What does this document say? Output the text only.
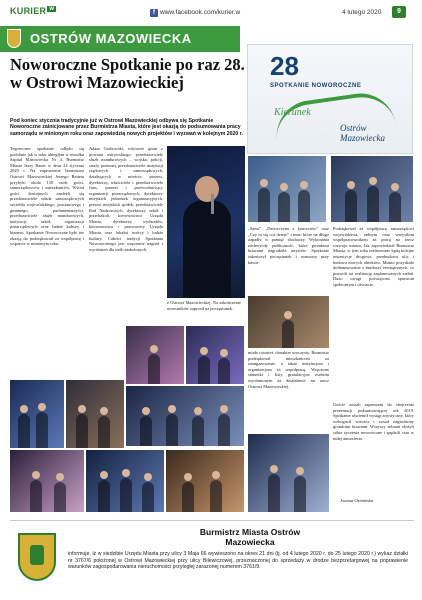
KURIER w
f www.facebook.com/kurier.w	4 lutego 2020	9
OSTRÓW MAZOWIECKA
Noworoczne Spotkanie po raz 28. w Ostrowi Mazowieckiej
28
SPOTKANIE NOWOROCZNE
Kierunek
Ostrów Mazowiecka

Pod koniec stycznia tradycyjnie już w Ostrowi Mazowieckiej odbywa się Spotkanie Noworoczne zainicjowane przez Burmistrza Miasta, które jest okazją do podsumowania pracy samorządu w minionym roku oraz zapowiedzią nowych projektów i wyzwań w kolejnym 2020 r.

Tegoroczne spotkanie odbyło się podobnie jak w roku ubiegłym w ośrodku Szpital Mazowiecka Nr 4. Burmistrz Miasta Jerzy Bauer w dniu 24 stycznia 2020 r. Na zaproszenie burmistrza Ostrowi Mazowieckiej Jerzego Bauera przybyło około 150 osób: gości, samorządowców i mieszkańców. Wśród gości dostojnych znaleźli się przedstawiciele władz samorządowych szczebla wojewódzkiego, powiatowego i gminnego, parlamentarzyści, przedstawiciele służb mundurowych, instytucji, szkół, organizacji pozarządowych oraz ludzie kultury i biznesu. Spotkanie Noworoczne było też okazją do podziękowań za współpracę i wsparcie w minionym roku.

Adam Grabowski, wójtowie gmin z powiatu ostrowskiego, przedstawiciele służb mundurowych – wojska, policji, straży pożarnej, przedstawiciele instytucji rządowych i samorządowych, działających w mieście, prezesi, dyrektorzy, właściciele i przedstawiciele firm, prezesi i przewodniczący organizacji pozarządowych, dyrektorzy miejskich jednostek organizacyjnych, prezesi miejskich spółek, przedstawiciele Rad Nadzorczych, dyrektorzy szkół i przedszkoli, kierownictwo Urzędu Miasta, dyrektorzy wydziałów, kierownictwo i pracownicy Urzędu Miasta oraz lokalni twórcy i ludzie kultury. Całości tradycji Spotkania Noworocznego jest wręczenie nagród i wyróżnień dla osób zasłużonych.

z Ostrowi Mazowieckiej. Na zakończenie uczestników zaprosił na poczęstunek.

„Sami”, „Dziewczyna z koncertów” oraz „Czy tu się coś dzieje” i inne, które na długo zapadły w pamięć słuchaczy. Wykonania zachwyciły publiczność, która gromkimi brawami nagrodziła artystów. Spotkanie zakończył poczęstunek i rozmowy przy kawie.

Podziękował za współpracę samorządowi województwa, radnym oraz wszystkim współpracownikom za pracę na rzecz rozwoju miasta. Jak zapowiedział Burmistrz Miasta, w tym roku realizowane będą kolejne inwestycje drogowe, przebudowa ulic i budowa nowych obiektów. Miasto pozyskało dofinansowanie z funduszy zewnętrznych, co pozwoli na realizację zaplanowanych zadań. Dużo uwagi poświęcono sprawom społecznym i oświacie.

Goście zostali zaproszeni do obejrzenia prezentacji podsumowującej rok 2019. Spotkanie uświetnił występ artystyczny, który wzbogacił wieczór i został nagrodzony gromkimi brawami. Wszyscy zebrani złożyli sobie życzenia noworoczne i spędzili czas w miłej atmosferze.

miało również charakter uroczysty. Burmistrz podziękował mieszkańcom za zaangażowanie, a także instytucjom i organizacjom za współpracę. Wręczono statuetki i listy gratulacyjne osobom wyróżnionym za działalność na rzecz Ostrowi Mazowieckiej.

Joanna Ozimińska
Burmistrz Miasta Ostrów Mazowiecka

informuje, iż w siedzibie Urzędu Miasta przy ulicy 3 Maja 66 wywieszono na okres 21 dni (tj. od 4 lutego 2020 r. do 25 lutego 2020 r.) wykaz działki nr 3767/6 położonej w Ostrowi Mazowieckiej przy ulicy Bilewiczowej, przeznaczonej do sprzedaży w drodze bezprzetargowej na poprawienie warunków zagospodarowania nieruchomości przyległej zarazonej numerem 3761/9.
